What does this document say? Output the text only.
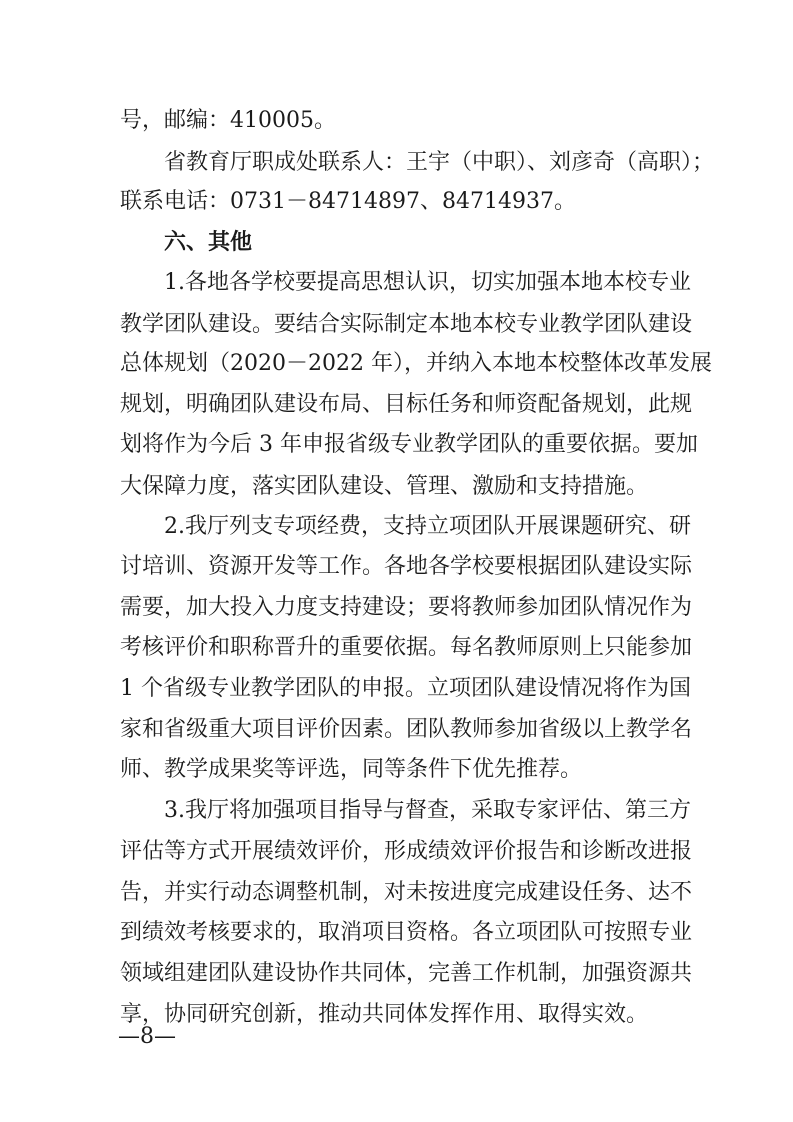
号，邮编：410005。
省教育厅职成处联系人：王宇（中职）、刘彦奇（高职）；
联系电话：0731－84714897、84714937。
六、其他
1.各地各学校要提高思想认识，切实加强本地本校专业
教学团队建设。要结合实际制定本地本校专业教学团队建设
总体规划（2020－2022 年），并纳入本地本校整体改革发展
规划，明确团队建设布局、目标任务和师资配备规划，此规
划将作为今后 3 年申报省级专业教学团队的重要依据。要加
大保障力度，落实团队建设、管理、激励和支持措施。
2.我厅列支专项经费，支持立项团队开展课题研究、研
讨培训、资源开发等工作。各地各学校要根据团队建设实际
需要，加大投入力度支持建设；要将教师参加团队情况作为
考核评价和职称晋升的重要依据。每名教师原则上只能参加
1 个省级专业教学团队的申报。立项团队建设情况将作为国
家和省级重大项目评价因素。团队教师参加省级以上教学名
师、教学成果奖等评选，同等条件下优先推荐。
3.我厅将加强项目指导与督查，采取专家评估、第三方
评估等方式开展绩效评价，形成绩效评价报告和诊断改进报
告，并实行动态调整机制，对未按进度完成建设任务、达不
到绩效考核要求的，取消项目资格。各立项团队可按照专业
领域组建团队建设协作共同体，完善工作机制，加强资源共
享，协同研究创新，推动共同体发挥作用、取得实效。
—8—
